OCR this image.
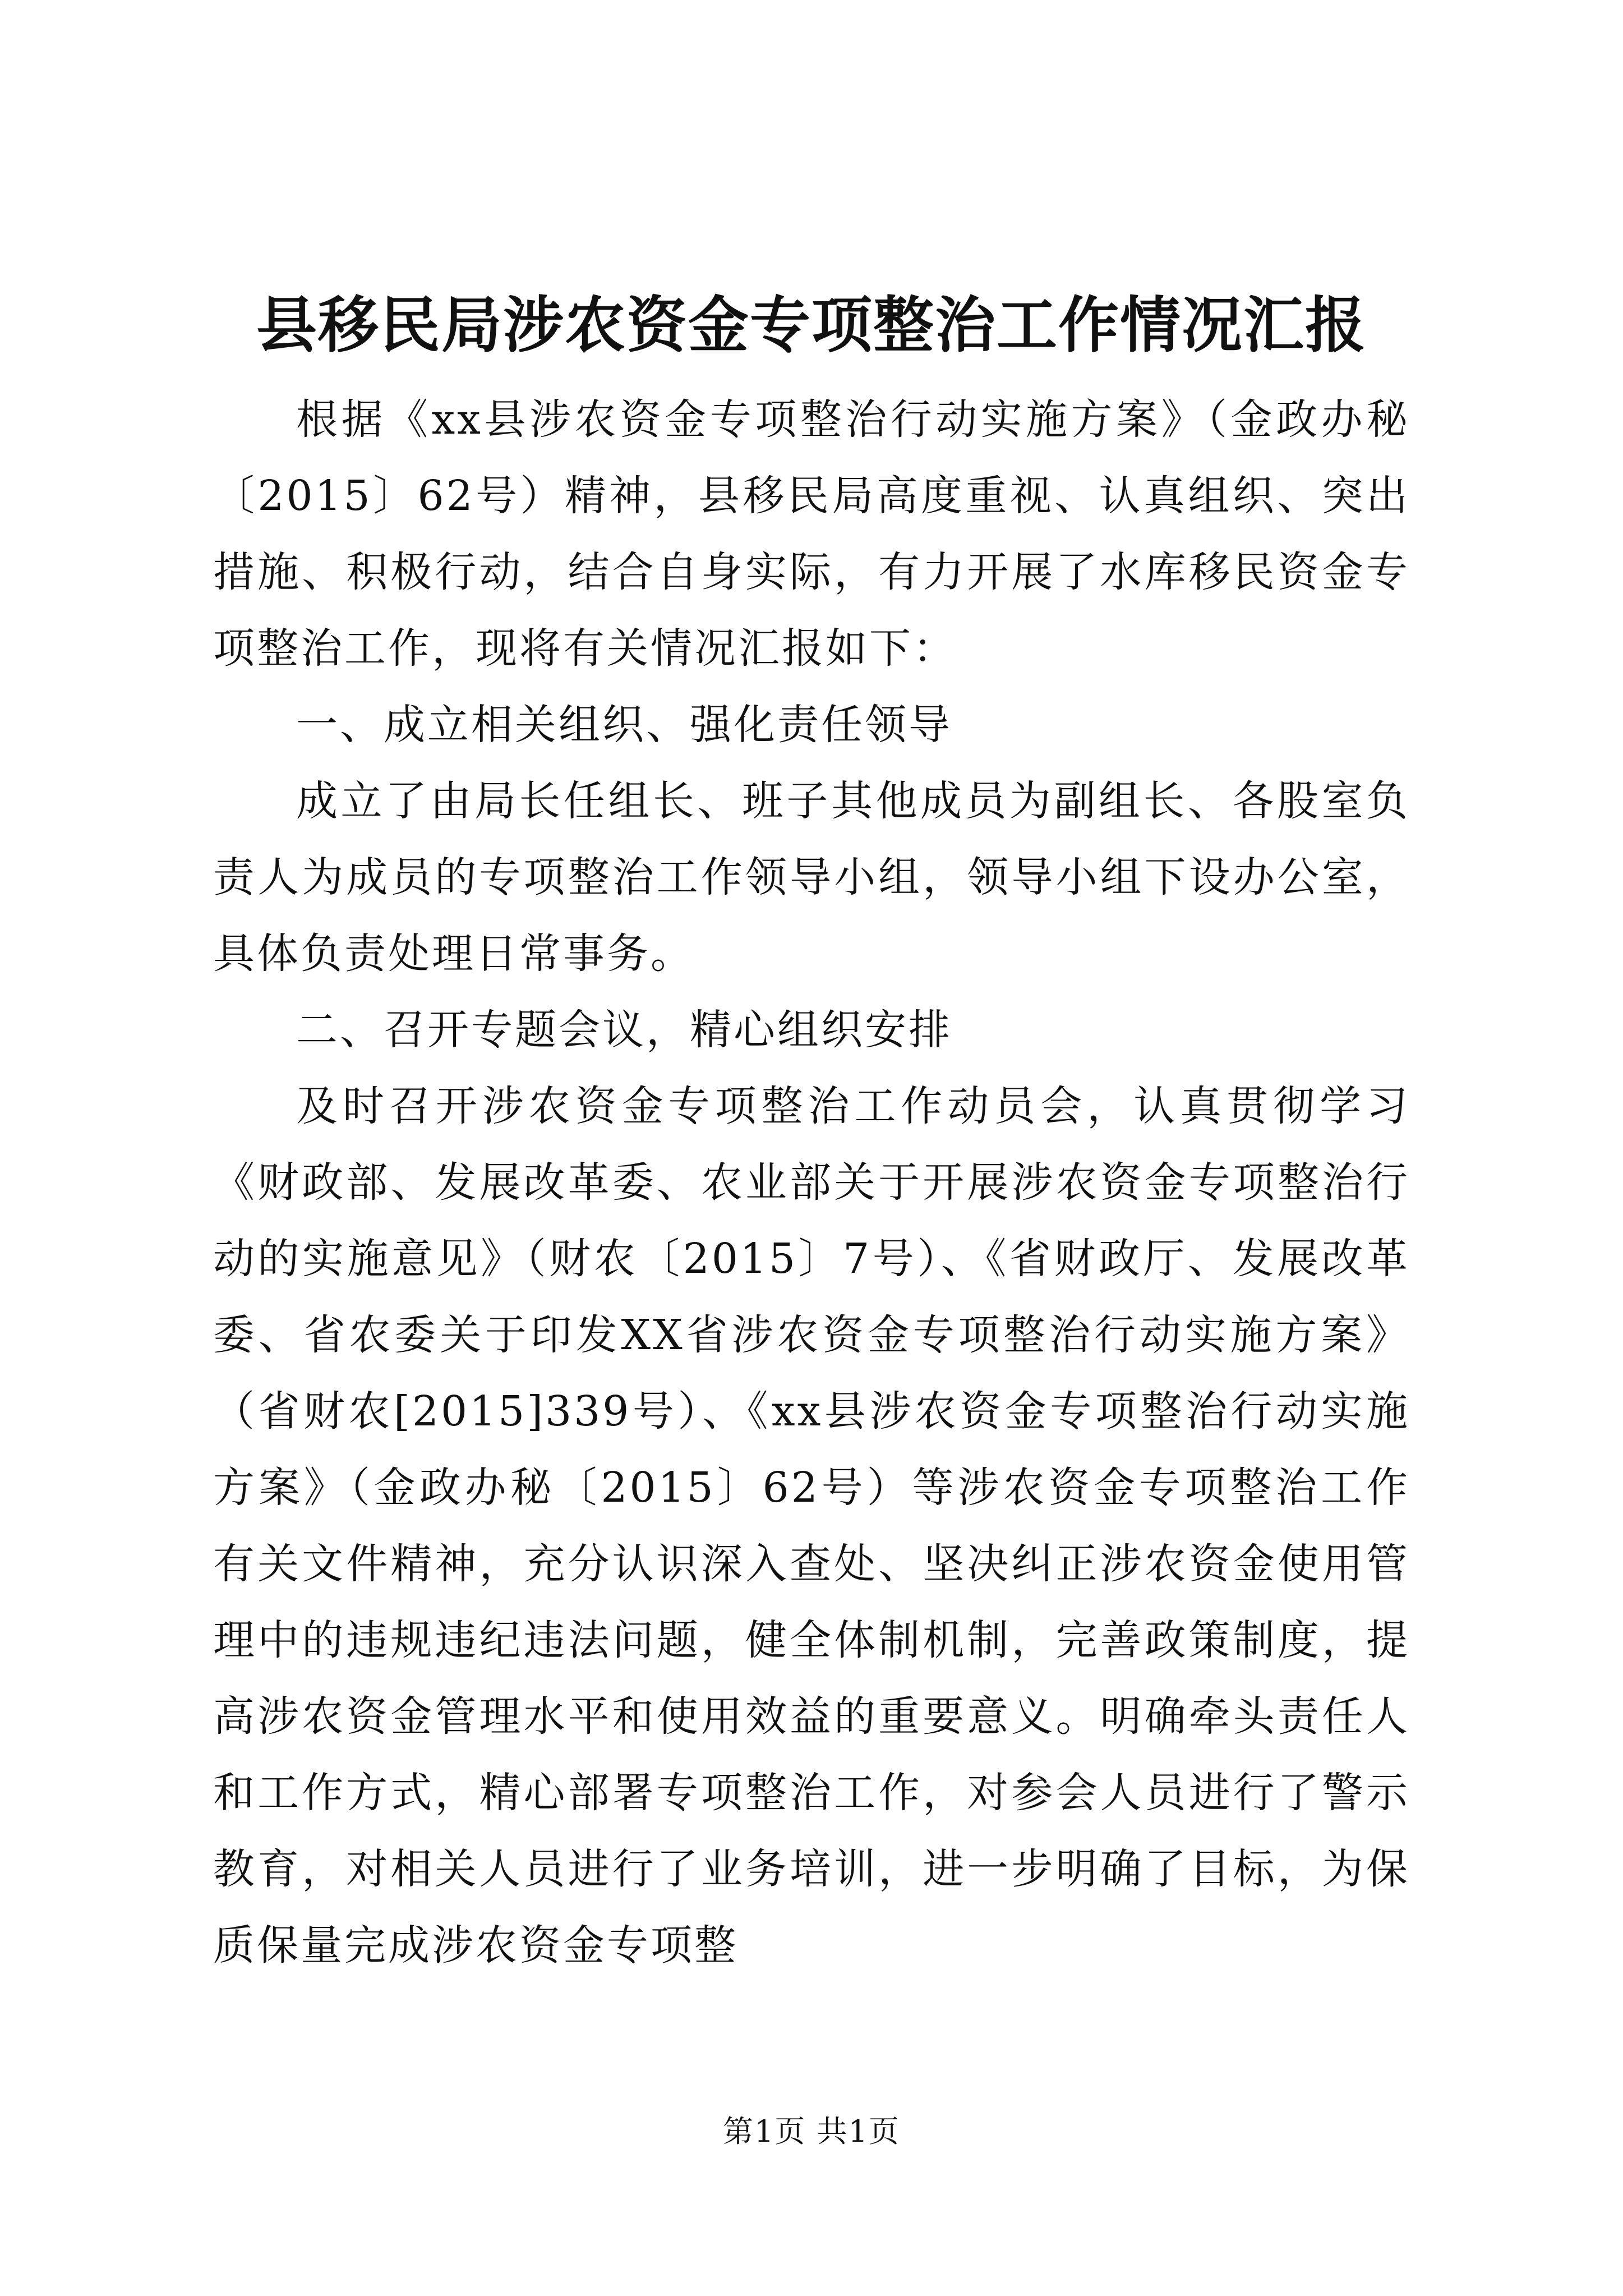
县移民局涉农资金专项整治工作情况汇报

根据《xx县涉农资金专项整治行动实施方案》（金政办秘〔2015〕62号）精神，县移民局高度重视、认真组织、突出措施、积极行动，结合自身实际，有力开展了水库移民资金专项整治工作，现将有关情况汇报如下：

一、成立相关组织、强化责任领导

成立了由局长任组长、班子其他成员为副组长、各股室负责人为成员的专项整治工作领导小组，领导小组下设办公室，具体负责处理日常事务。

二、召开专题会议，精心组织安排

及时召开涉农资金专项整治工作动员会，认真贯彻学习《财政部、发展改革委、农业部关于开展涉农资金专项整治行动的实施意见》（财农〔2015〕7号）、《省财政厅、发展改革委、省农委关于印发XX省涉农资金专项整治行动实施方案》（省财农[2015]339号）、《xx县涉农资金专项整治行动实施方案》（金政办秘〔2015〕62号）等涉农资金专项整治工作有关文件精神，充分认识深入查处、坚决纠正涉农资金使用管理中的违规违纪违法问题，健全体制机制，完善政策制度，提高涉农资金管理水平和使用效益的重要意义。明确牵头责任人和工作方式，精心部署专项整治工作，对参会人员进行了警示教育，对相关人员进行了业务培训，进一步明确了目标，为保质保量完成涉农资金专项整

第1页 共1页
